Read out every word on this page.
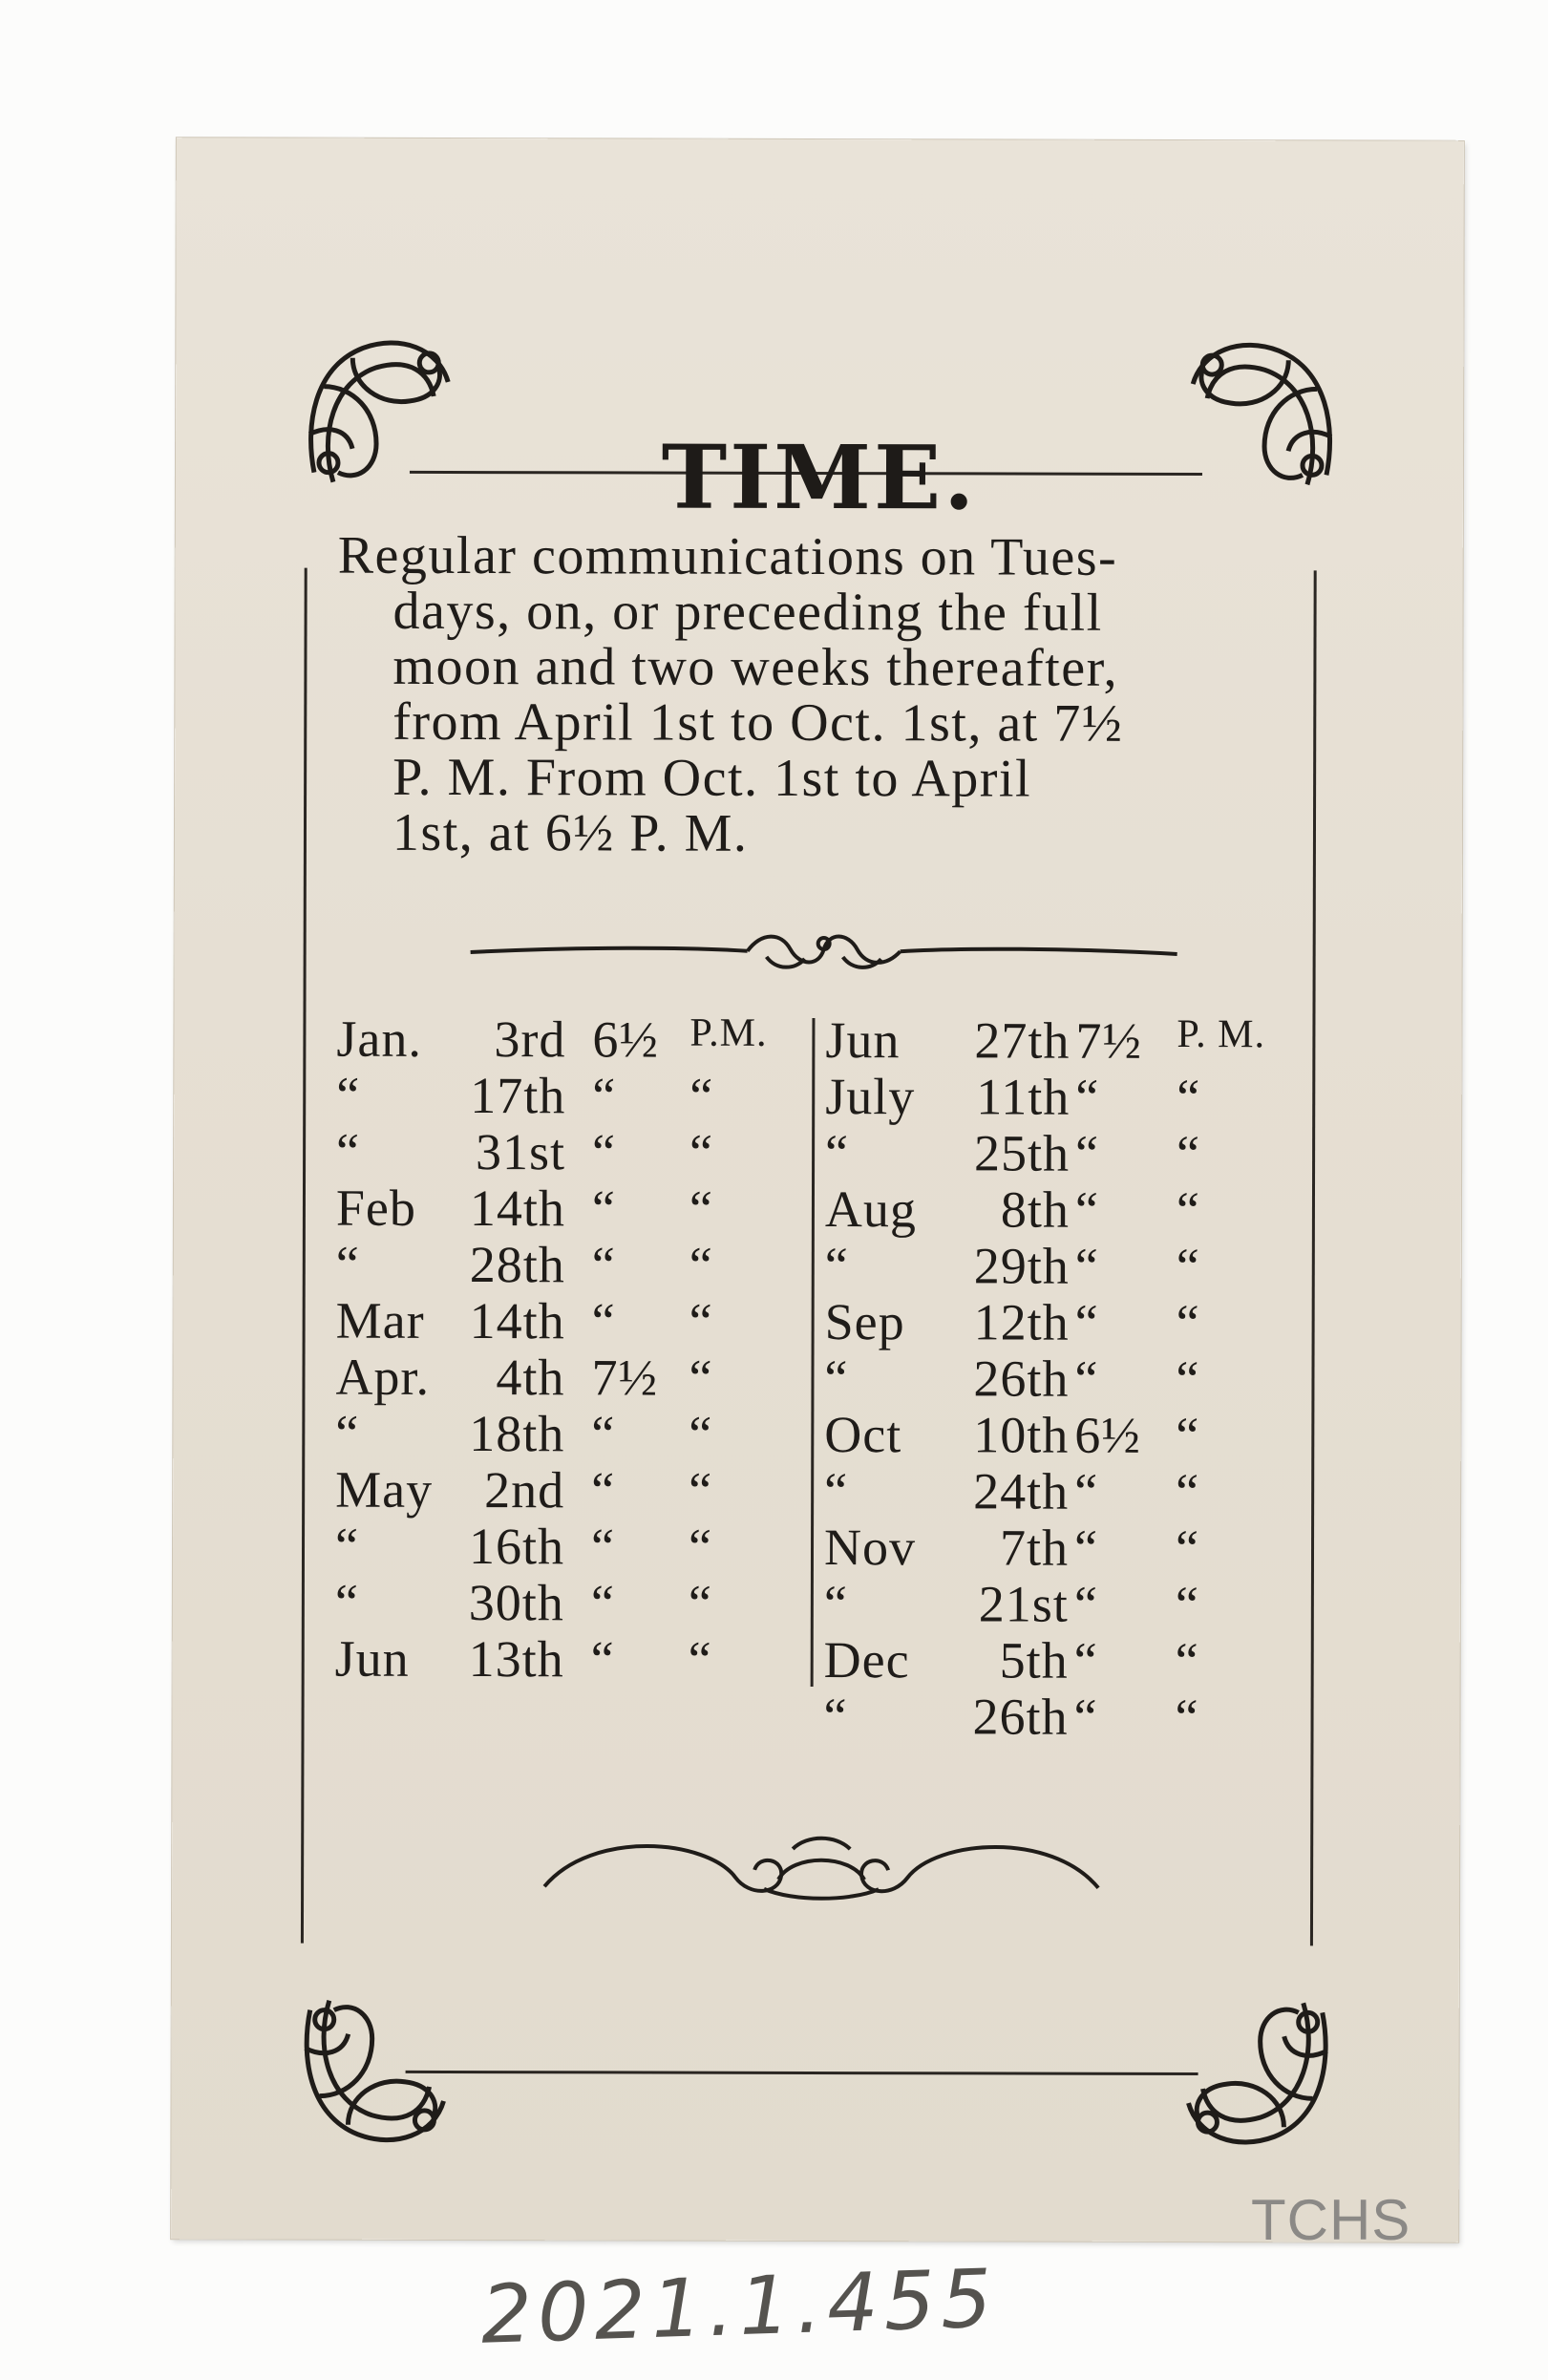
TIME.
Regular communications on Tues-
days, on, or preceeding the full
moon and two weeks thereafter,
from April 1st to Oct. 1st, at 7½
P. M. From Oct. 1st to April
1st, at 6½ P. M.
Jan.	3rd 6½ P.M.
“	17th “ “
“	31st “ “
Feb	14th “ “
“	28th “ “
Mar 14th “ “
Apr.	4th 7½ “
“	18th “ “
May 2nd “ “
“	16th “ “
“	30th “ “
Jun	13th “ “
Jun	27th 7½ P. M.
July	11th “ “
“	25th “ “
Aug	8th “ “
“	29th “ “
Sep	12th “ “
“	26th “ “
Oct	10th 6½ “
“	24th “ “
Nov	7th “ “
“	21st “ “
Dec	5th “ “
“	26th “ “
2021.1.455
TCHS
